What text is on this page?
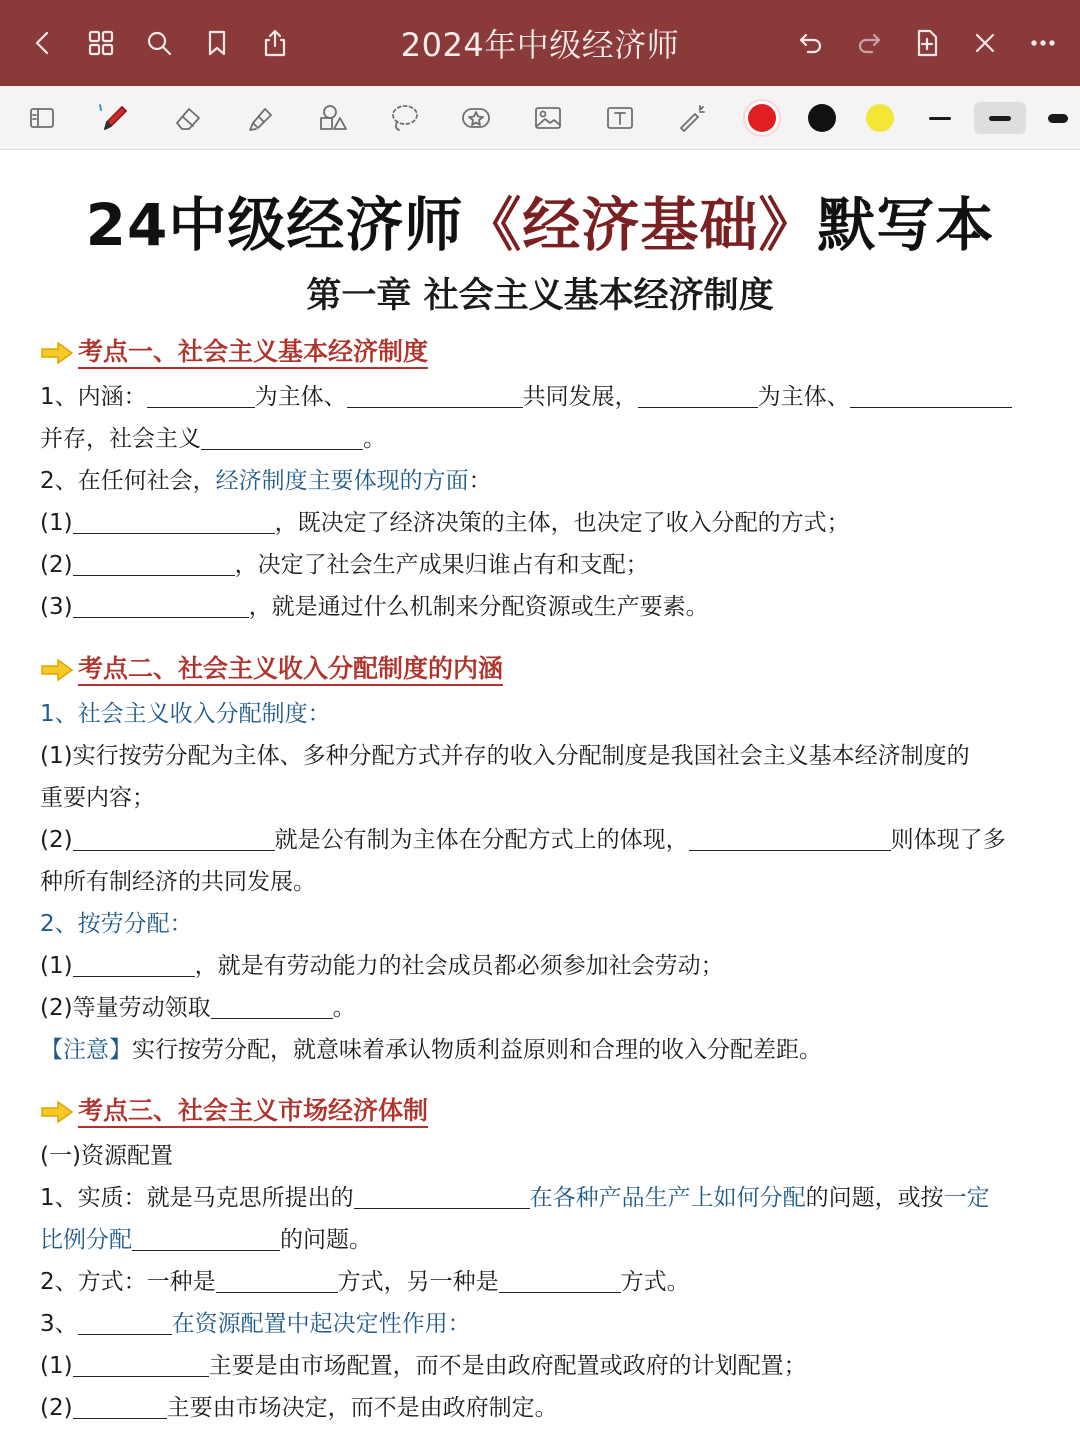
2024年中级经济师
24中级经济师《经济基础》默写本
第一章 社会主义基本经济制度
考点一、社会主义基本经济制度
1、内涵：	为主体、	共同发展，	为主体、
并存，社会主义	。
2、在任何社会，经济制度主要体现的方面：
(1)	，既决定了经济决策的主体，也决定了收入分配的方式；
(2)	，决定了社会生产成果归谁占有和支配；
(3)	，就是通过什么机制来分配资源或生产要素。
考点二、社会主义收入分配制度的内涵
1、社会主义收入分配制度：
(1)实行按劳分配为主体、多种分配方式并存的收入分配制度是我国社会主义基本经济制度的
重要内容；
(2)	就是公有制为主体在分配方式上的体现，	则体现了多
种所有制经济的共同发展。
2、按劳分配：
(1)	，就是有劳动能力的社会成员都必须参加社会劳动；
(2)等量劳动领取	。
【注意】实行按劳分配，就意味着承认物质利益原则和合理的收入分配差距。
考点三、社会主义市场经济体制
(一)资源配置
1、实质：就是马克思所提出的	在各种产品生产上如何分配的问题，或按一定
比例分配	的问题。
2、方式：一种是	方式，另一种是	方式。
3、	在资源配置中起决定性作用：
(1)	主要是由市场配置，而不是由政府配置或政府的计划配置；
(2)	主要由市场决定，而不是由政府制定。
